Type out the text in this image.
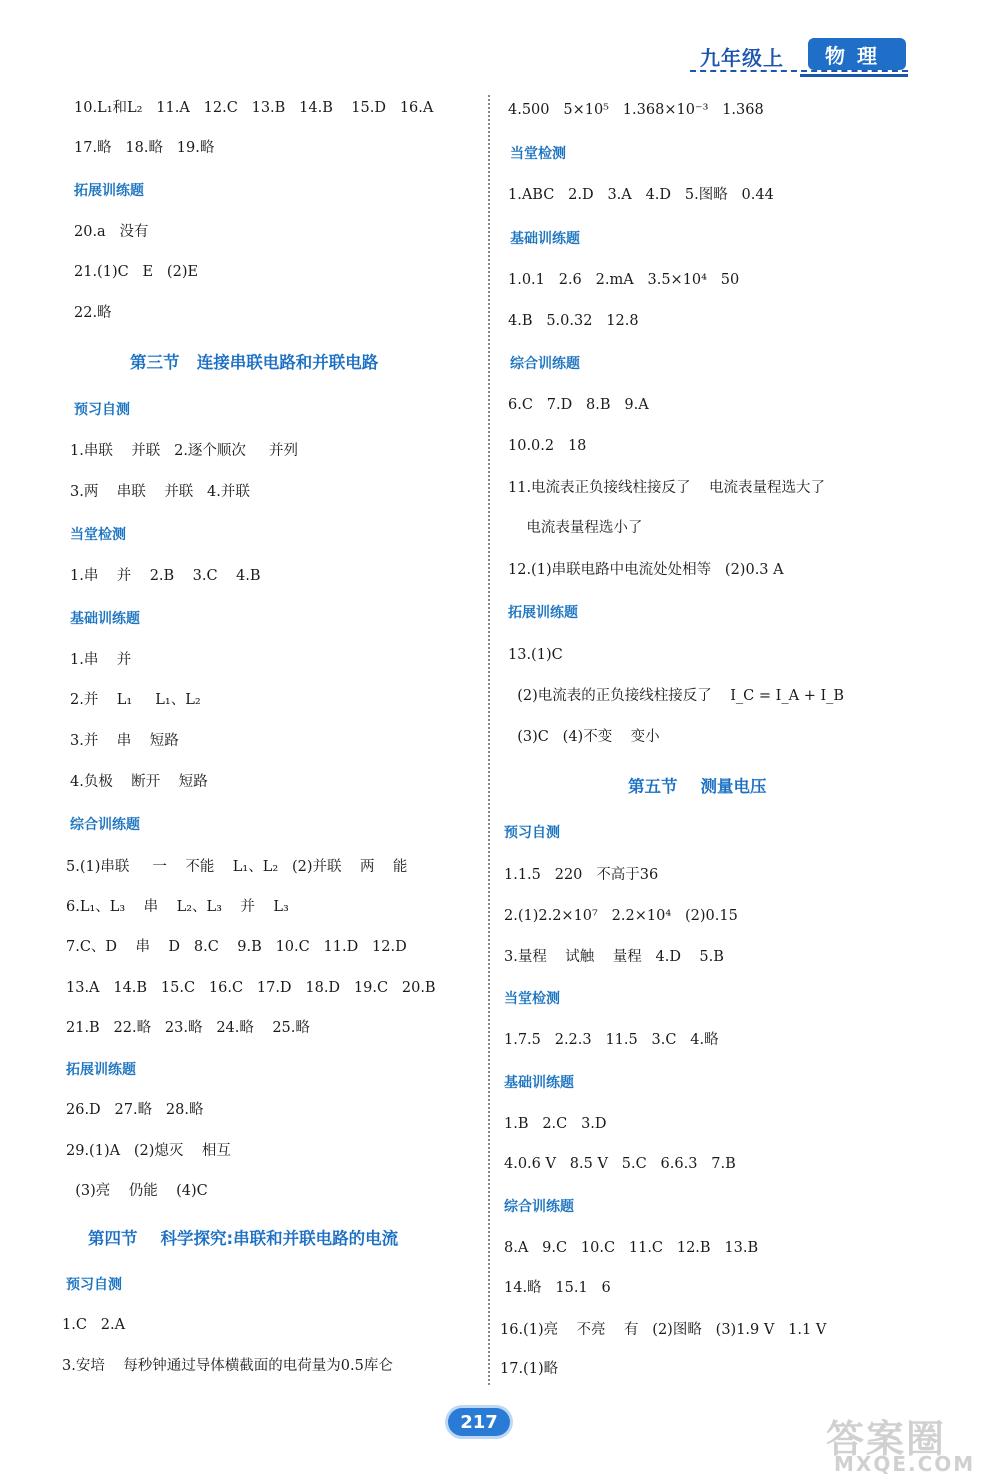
九年级上	物理
10.L₁和L₂   11.A   12.C   13.B   14.B    15.D   16.A
17.略   18.略   19.略
拓展训练题
20.a   没有
21.(1)C   E   (2)E
22.略
第三节   连接串联电路和并联电路
预习自测
1.串联    并联   2.逐个顺次     并列
3.两    串联    并联   4.并联
当堂检测
1.串    并    2.B    3.C    4.B
基础训练题
1.串    并
2.并    L₁     L₁、L₂
3.并    串    短路
4.负极    断开    短路
综合训练题
5.(1)串联     一    不能    L₁、L₂   (2)并联    两    能
6.L₁、L₃    串    L₂、L₃    并    L₃
7.C、D    串    D   8.C    9.B   10.C   11.D   12.D
13.A   14.B   15.C   16.C   17.D   18.D   19.C   20.B
21.B   22.略   23.略   24.略    25.略
拓展训练题
26.D   27.略   28.略
29.(1)A   (2)熄灭    相互
(3)亮    仍能    (4)C
第四节    科学探究:串联和并联电路的电流
预习自测
1.C   2.A
3.安培    每秒钟通过导体横截面的电荷量为0.5库仑
4.500   5×10⁵   1.368×10⁻³   1.368
当堂检测
1.ABC   2.D   3.A   4.D   5.图略   0.44
基础训练题
1.0.1   2.6   2.mA   3.5×10⁴   50
4.B   5.0.32   12.8
综合训练题
6.C   7.D   8.B   9.A
10.0.2   18
11.电流表正负接线柱接反了    电流表量程选大了
电流表量程选小了
12.(1)串联电路中电流处处相等   (2)0.3 A
拓展训练题
13.(1)C
(2)电流表的正负接线柱接反了    I_C = I_A + I_B
(3)C   (4)不变    变小
第五节    测量电压
预习自测
1.1.5   220   不高于36
2.(1)2.2×10⁷   2.2×10⁴   (2)0.15
3.量程    试触    量程   4.D    5.B
当堂检测
1.7.5   2.2.3   11.5   3.C   4.略
基础训练题
1.B   2.C   3.D
4.0.6 V   8.5 V   5.C   6.6.3   7.B
综合训练题
8.A   9.C   10.C   11.C   12.B   13.B
14.略   15.1   6
16.(1)亮    不亮    有   (2)图略   (3)1.9 V   1.1 V
17.(1)略
217	答案圈
MXQE.COM
